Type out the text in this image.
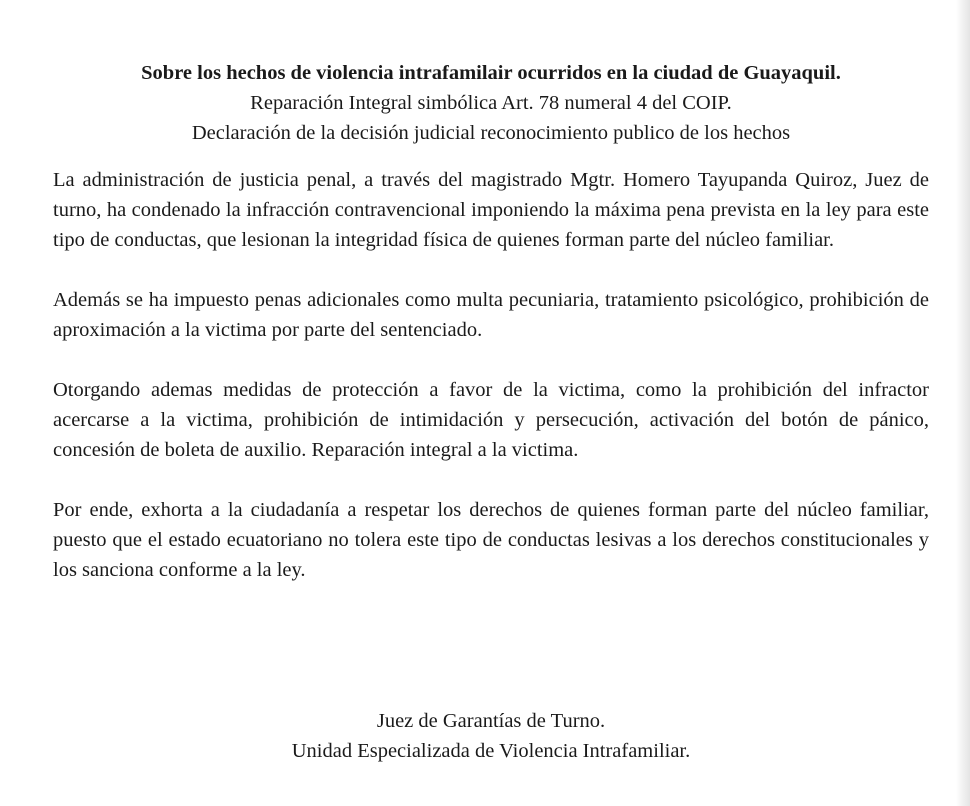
Sobre los hechos de violencia intrafamilair ocurridos en la ciudad de Guayaquil.
Reparación Integral simbólica Art. 78 numeral 4 del COIP.
Declaración de la decisión judicial reconocimiento publico de los hechos

La administración de justicia penal, a través del magistrado Mgtr. Homero Tayupanda Quiroz, Juez de turno, ha condenado la infracción contravencional imponiendo la máxima pena prevista en la ley para este tipo de conductas, que lesionan la integridad física de quienes forman parte del núcleo familiar.

Además se ha impuesto penas adicionales como multa pecuniaria, tratamiento psicológico, prohibición de aproximación a la victima por parte del sentenciado.

Otorgando ademas medidas de protección a favor de la victima, como la prohibición del infractor acercarse a la victima, prohibición de intimidación y persecución, activación del botón de pánico, concesión de boleta de auxilio. Reparación integral a la victima.

Por ende, exhorta a la ciudadanía a respetar los derechos de quienes forman parte del núcleo familiar, puesto que el estado ecuatoriano no tolera este tipo de conductas lesivas a los derechos constitucionales y los sanciona conforme a la ley.

Juez de Garantías de Turno.
Unidad Especializada de Violencia Intrafamiliar.
